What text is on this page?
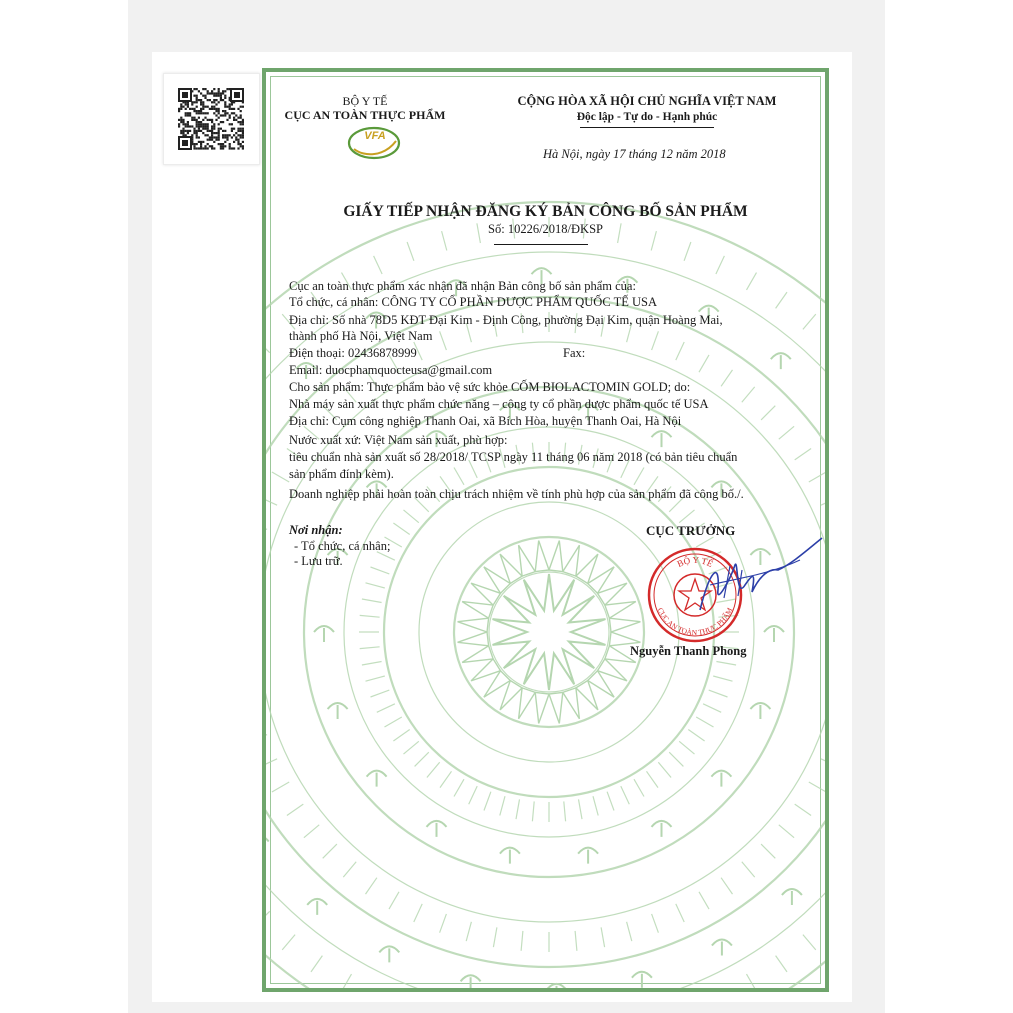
BỘ Y TẾ
CỤC AN TOÀN THỰC PHẨM
VFA
CỘNG HÒA XÃ HỘI CHỦ NGHĨA VIỆT NAM
Độc lập - Tự do - Hạnh phúc
Hà Nội, ngày 17 tháng 12 năm 2018
GIẤY TIẾP NHẬN ĐĂNG KÝ BẢN CÔNG BỐ SẢN PHẨM
Số: 10226/2018/ĐKSP
Cục an toàn thực phẩm xác nhận đã nhận Bản công bố sản phẩm của:
Tổ chức, cá nhân: CÔNG TY CỔ PHẦN DƯỢC PHẨM QUỐC TẾ USA
Địa chỉ: Số nhà 78D5 KĐT Đại Kim - Định Công, phường Đại Kim, quận Hoàng Mai,
thành phố Hà Nội, Việt Nam
Điện thoại: 02436878999	Fax:
Email: duocphamquocteusa@gmail.com
Cho sản phẩm: Thực phẩm bảo vệ sức khỏe CỐM BIOLACTOMIN GOLD; do:
Nhà máy sản xuất thực phẩm chức năng – công ty cổ phần dược phẩm quốc tế USA
Địa chỉ: Cụm công nghiệp Thanh Oai, xã Bích Hòa, huyện Thanh Oai, Hà Nội
Nước xuất xứ: Việt Nam sản xuất, phù hợp:
tiêu chuẩn nhà sản xuất số 28/2018/ TCSP ngày 11 tháng 06 năm 2018 (có bản tiêu chuẩn
sản phẩm đính kèm).
Doanh nghiệp phải hoàn toàn chịu trách nhiệm về tính phù hợp của sản phẩm đã công bố./.
Nơi nhận:
- Tổ chức, cá nhân;
- Lưu trữ.
CỤC TRƯỞNG
BỘ Y TẾ
CỤC AN TOÀN THỰC PHẨM
Nguyễn Thanh Phong
